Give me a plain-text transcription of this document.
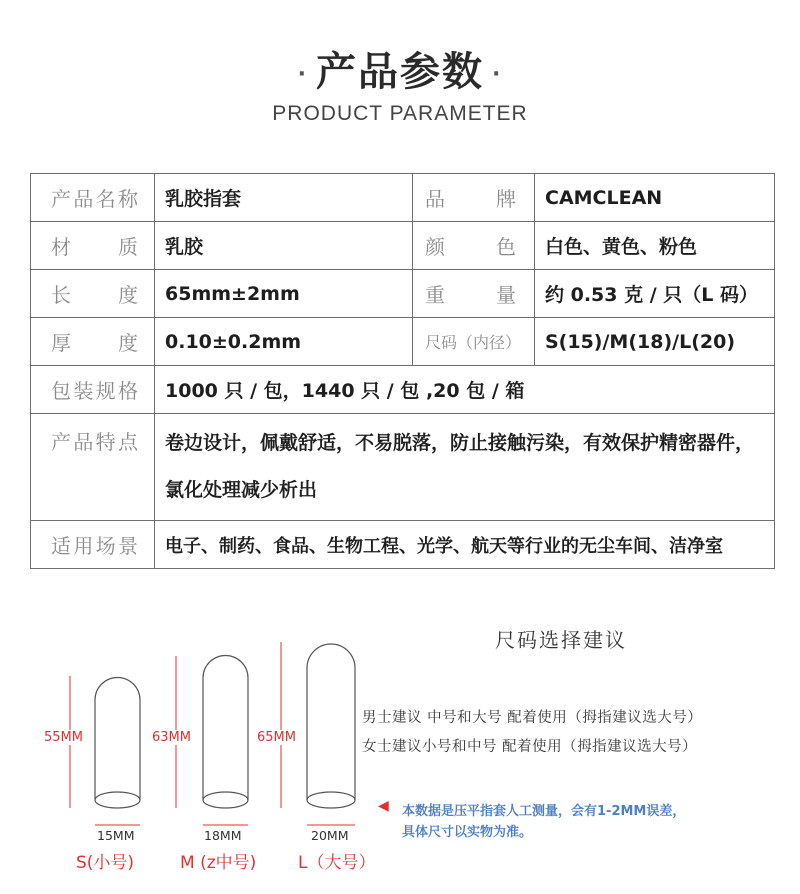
· 产品参数 ·
PRODUCT PARAMETER
产品名称	乳胶指套	品 牌	CAMCLEAN
材 质	乳胶	颜 色	白色、黄色、粉色
长 度	65mm±2mm	重 量	约 0.53 克 / 只（L 码）
厚 度	0.10±0.2mm	尺码（内径）	S(15)/M(18)/L(20)
包装规格	1000 只 / 包，1440 只 / 包 ,20 包 / 箱		
产品特点	卷边设计，佩戴舒适，不易脱落，防止接触污染，有效保护精密器件，氯化处理减少析出		
适用场景	电子、制药、食品、生物工程、光学、航天等行业的无尘车间、洁净室		
尺码选择建议
男士建议 中号和大号 配着使用（拇指建议选大号）
女士建议小号和中号 配着使用（拇指建议选大号）
◀ 本数据是压平指套人工测量，会有1-2MM误差，
具体尺寸以实物为准。
55MM	63MM	65MM
15MM	18MM	20MM
S(小号)	M (z中号) L（大号）
